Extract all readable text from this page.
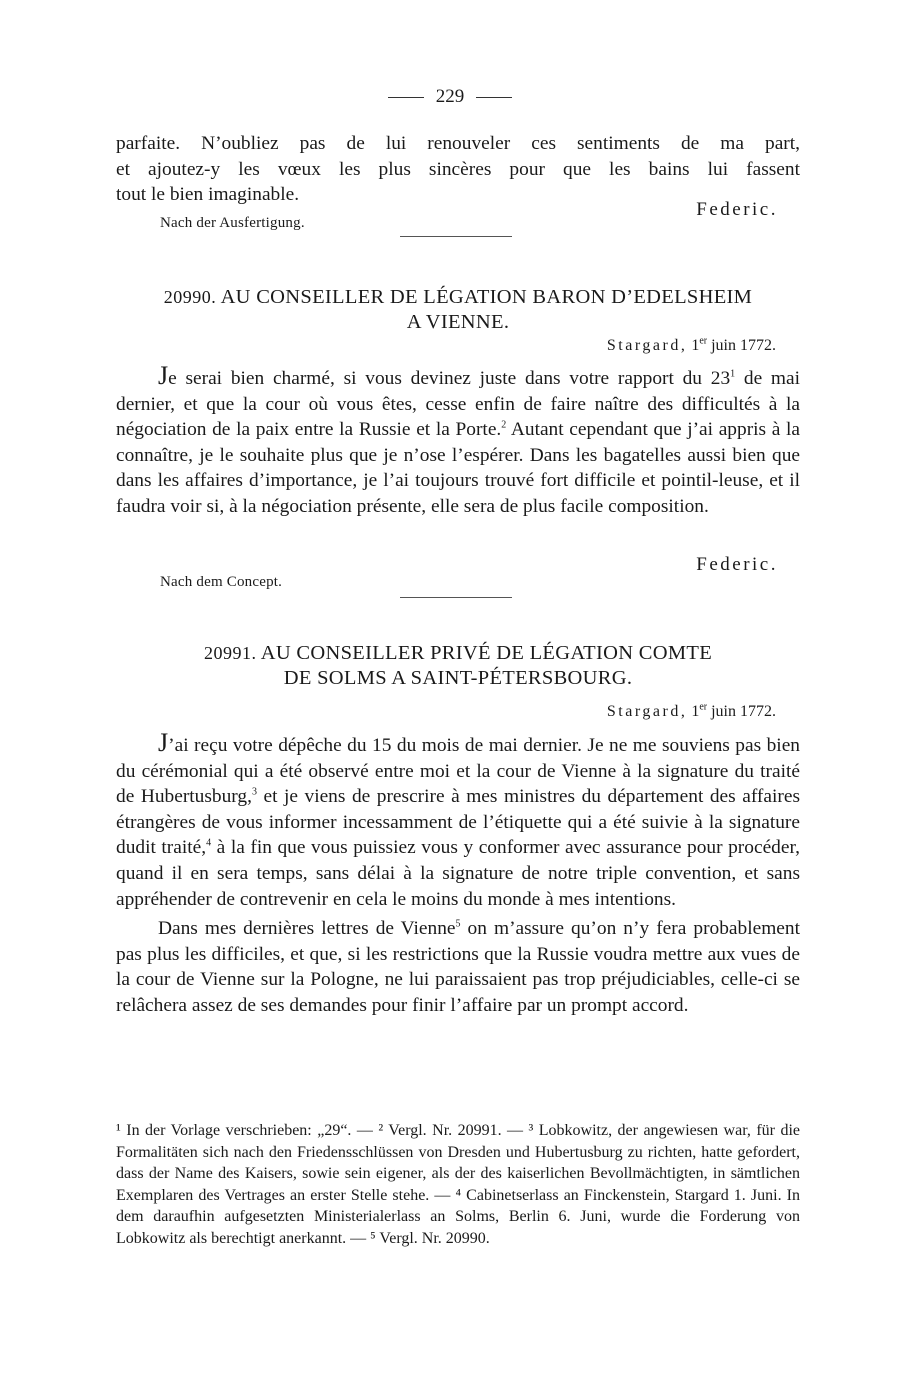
229

parfaite. N’oubliez pas de lui renouveler ces sentiments de ma part,

et ajoutez-y les vœux les plus sincères pour que les bains lui fassent

tout le bien imaginable.

Federic.
Nach der Ausfertigung.
20990. AU CONSEILLER DE LÉGATION BARON D’EDELSHEIM
A VIENNE.
Stargard, 1er juin 1772.

Je serai bien charmé, si vous devinez juste dans votre rapport du $23^1$ de mai dernier, et que la cour où vous êtes, cesse enfin de faire naître des difficultés à la négociation de la paix entre la Russie et la Porte.$^2$ Autant cependant que j’ai appris à la connaître, je le souhaite plus que je n’ose l’espérer. Dans les bagatelles aussi bien que dans les affaires d’importance, je l’ai toujours trouvé fort difficile et pointil-leuse, et il faudra voir si, à la négociation présente, elle sera de plus facile composition.

Federic.
Nach dem Concept.
20991. AU CONSEILLER PRIVÉ DE LÉGATION COMTE
DE SOLMS A SAINT-PÉTERSBOURG.
Stargard, 1er juin 1772.

J’ai reçu votre dépêche du 15 du mois de mai dernier. Je ne me souviens pas bien du cérémonial qui a été observé entre moi et la cour de Vienne à la signature du traité de Hubertusburg,$^3$ et je viens de prescrire à mes ministres du département des affaires étrangères de vous informer incessamment de l’étiquette qui a été suivie à la signature dudit traité,$^4$ à la fin que vous puissiez vous y conformer avec assurance pour procéder, quand il en sera temps, sans délai à la signature de notre triple convention, et sans appréhender de contrevenir en cela le moins du monde à mes intentions.

Dans mes dernières lettres de Vienne$^5$ on m’assure qu’on n’y fera probablement pas plus les difficiles, et que, si les restrictions que la Russie voudra mettre aux vues de la cour de Vienne sur la Pologne, ne lui paraissaient pas trop préjudiciables, celle-ci se relâchera assez de ses demandes pour finir l’affaire par un prompt accord.

¹ In der Vorlage verschrieben: „29“. — ² Vergl. Nr. 20991. — ³ Lobkowitz, der angewiesen war, für die Formalitäten sich nach den Friedensschlüssen von Dresden und Hubertusburg zu richten, hatte gefordert, dass der Name des Kaisers, sowie sein eigener, als der des kaiserlichen Bevollmächtigten, in sämtlichen Exemplaren des Vertrages an erster Stelle stehe. — ⁴ Cabinetserlass an Finckenstein, Stargard 1. Juni. In dem daraufhin aufgesetzten Ministerialerlass an Solms, Berlin 6. Juni, wurde die Forderung von Lobkowitz als berechtigt anerkannt. — ⁵ Vergl. Nr. 20990.
